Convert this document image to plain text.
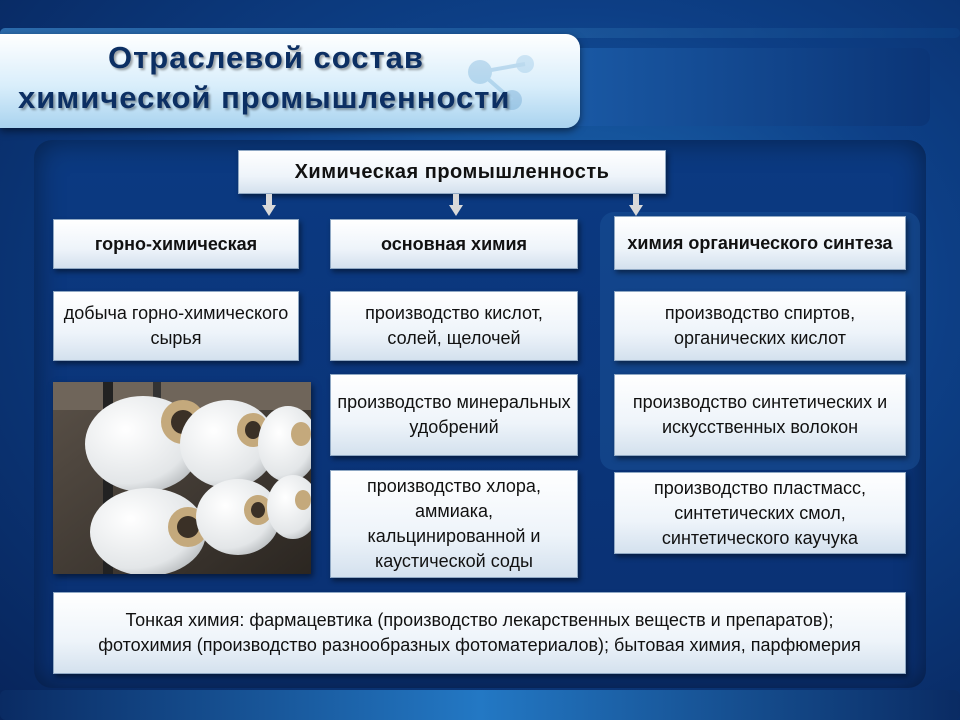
Отраслевой состав
химической промышленности
Химическая промышленность
горно-химическая	основная химия	химия органического синтеза
добыча горно-химического сырья
производство кислот, солей, щелочей
производство минеральных удобрений
производство хлора, аммиака, кальцинированной и каустической соды
производство спиртов, органических кислот
производство синтетических и искусственных волокон
производство пластмасс, синтетических смол, синтетического каучука
Тонкая химия: фармацевтика (производство лекарственных веществ и препаратов); фотохимия (производство разнообразных фотоматериалов); бытовая химия, парфюмерия
